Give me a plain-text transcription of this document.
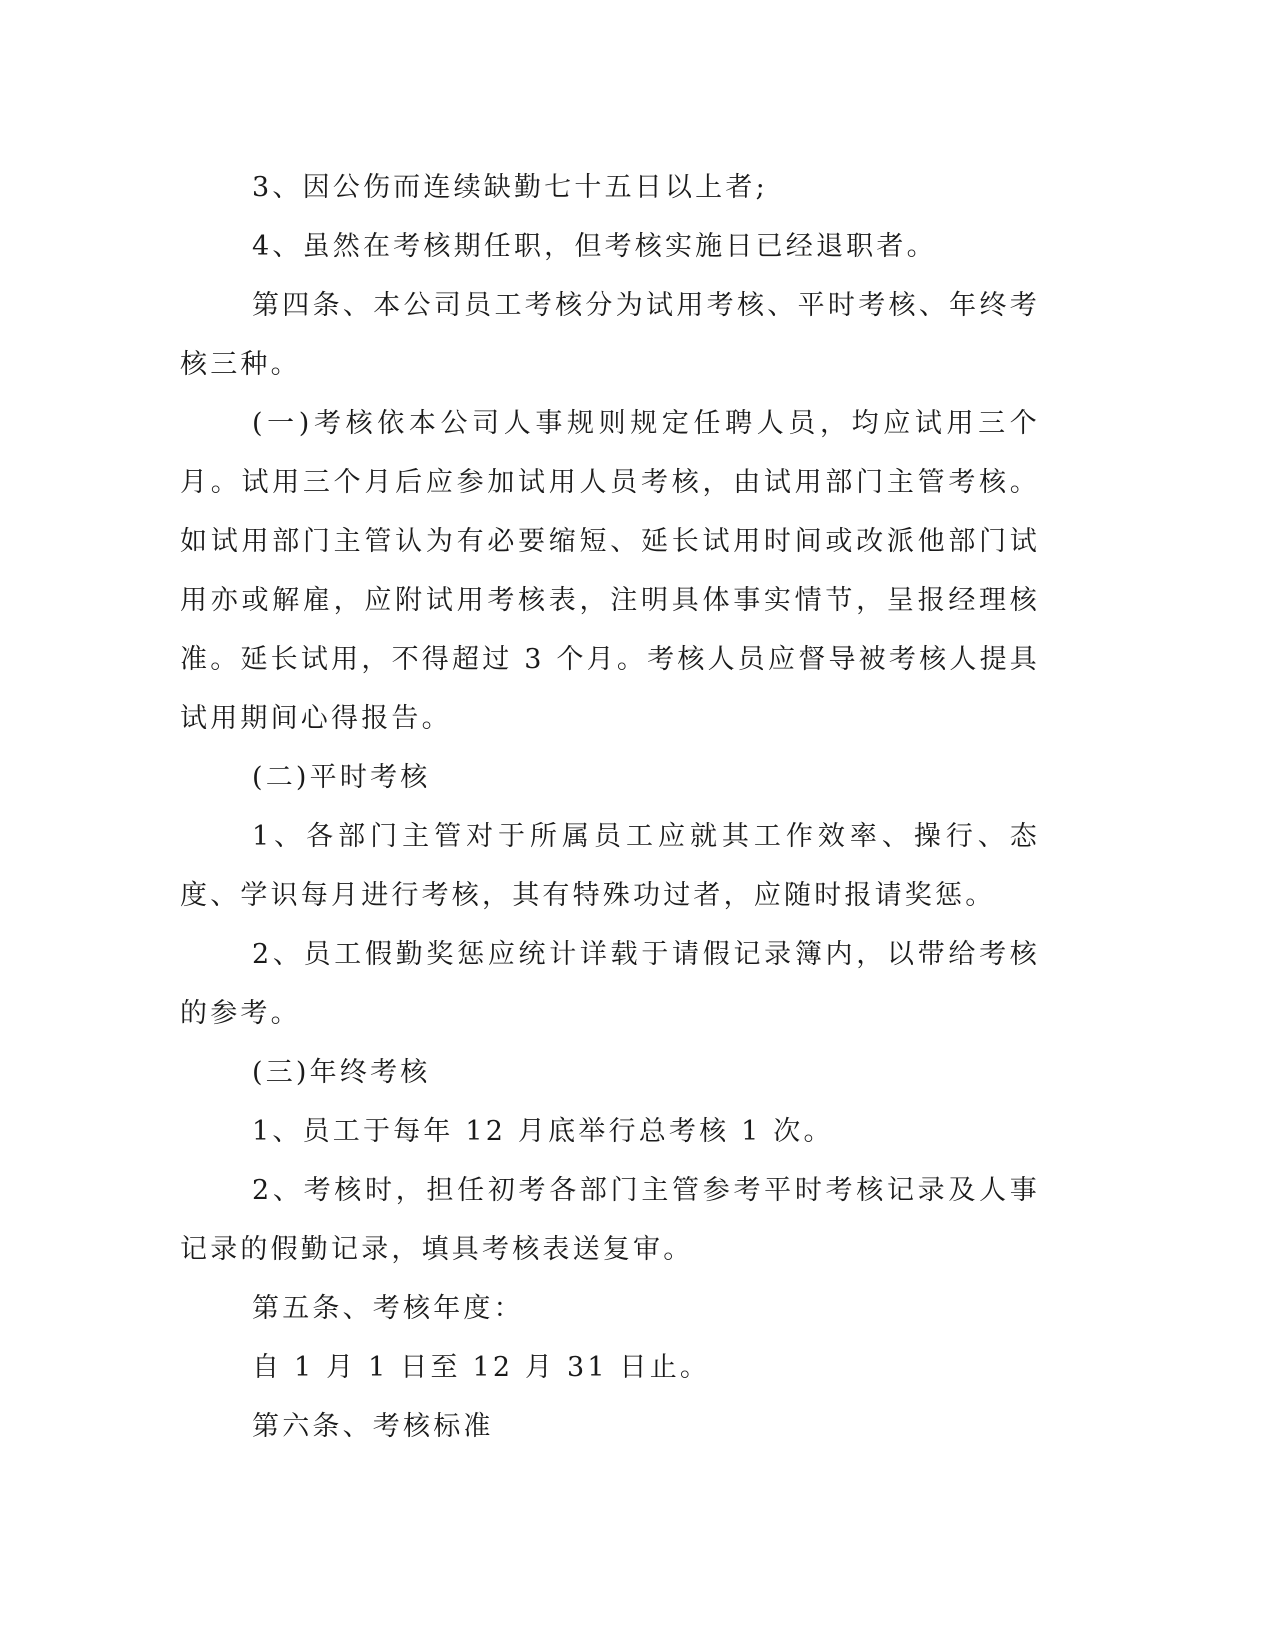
3、因公伤而连续缺勤七十五日以上者;

4、虽然在考核期任职，但考核实施日已经退职者。

第四条、本公司员工考核分为试用考核、平时考核、年终考核三种。

(一)考核依本公司人事规则规定任聘人员，均应试用三个月。试用三个月后应参加试用人员考核，由试用部门主管考核。如试用部门主管认为有必要缩短、延长试用时间或改派他部门试用亦或解雇，应附试用考核表，注明具体事实情节，呈报经理核准。延长试用，不得超过 3 个月。考核人员应督导被考核人提具试用期间心得报告。

(二)平时考核

1、各部门主管对于所属员工应就其工作效率、操行、态度、学识每月进行考核，其有特殊功过者，应随时报请奖惩。

2、员工假勤奖惩应统计详载于请假记录簿内，以带给考核的参考。

(三)年终考核

1、员工于每年 12 月底举行总考核 1 次。

2、考核时，担任初考各部门主管参考平时考核记录及人事记录的假勤记录，填具考核表送复审。

第五条、考核年度：

自 1 月 1 日至 12 月 31 日止。

第六条、考核标准
